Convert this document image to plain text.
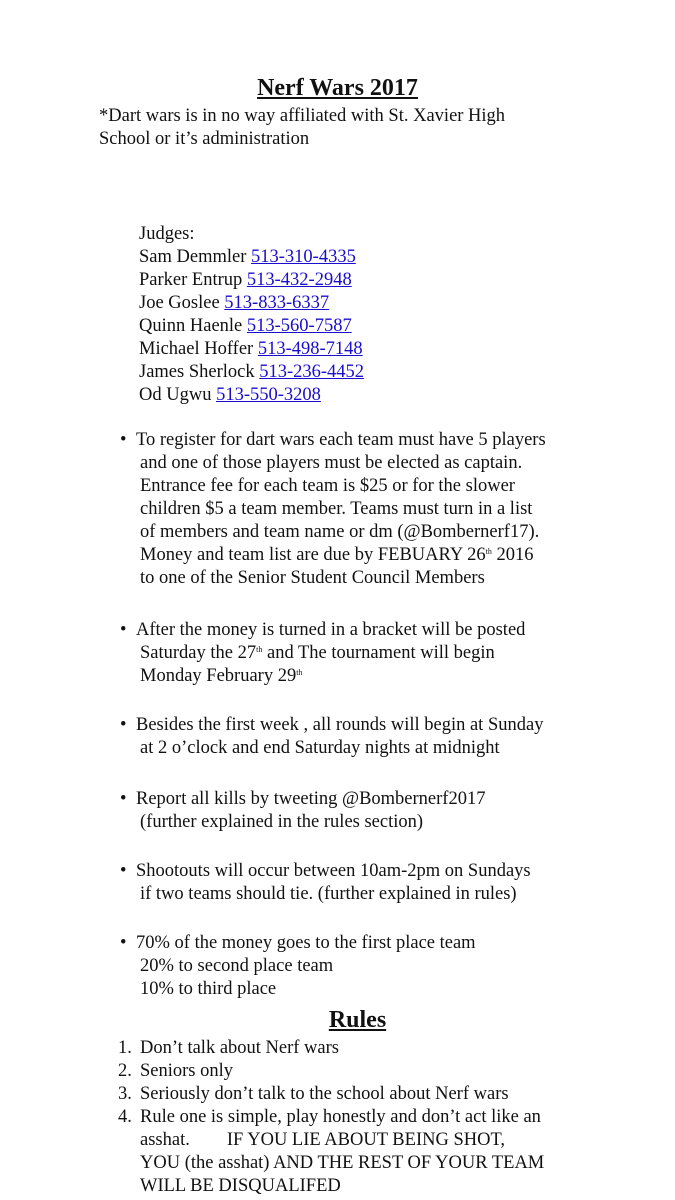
Nerf Wars 2017
*Dart wars is in no way affiliated with St. Xavier High
School or it’s administration
Judges:
Sam Demmler 513-310-4335
Parker Entrup 513-432-2948
Joe Goslee 513-833-6337
Quinn Haenle 513-560-7587
Michael Hoffer 513-498-7148
James Sherlock 513-236-4452
Od Ugwu 513-550-3208
• To register for dart wars each team must have 5 players
and one of those players must be elected as captain.
Entrance fee for each team is $25 or for the slower
children $5 a team member. Teams must turn in a list
of members and team name or dm (@Bombernerf17).
Money and team list are due by FEBUARY 26th 2016
to one of the Senior Student Council Members
• After the money is turned in a bracket will be posted
Saturday the 27th and The tournament will begin
Monday February 29th
• Besides the first week , all rounds will begin at Sunday
at 2 o’clock and end Saturday nights at midnight
• Report all kills by tweeting @Bombernerf2017
(further explained in the rules section)
• Shootouts will occur between 10am-2pm on Sundays
if two teams should tie. (further explained in rules)
• 70% of the money goes to the first place team
20% to second place team
10% to third place
Rules
1. Don’t talk about Nerf wars
2. Seniors only
3. Seriously don’t talk to the school about Nerf wars
4. Rule one is simple, play honestly and don’t act like an
asshat.        IF YOU LIE ABOUT BEING SHOT,
YOU (the asshat) AND THE REST OF YOUR TEAM
WILL BE DISQUALIFED
